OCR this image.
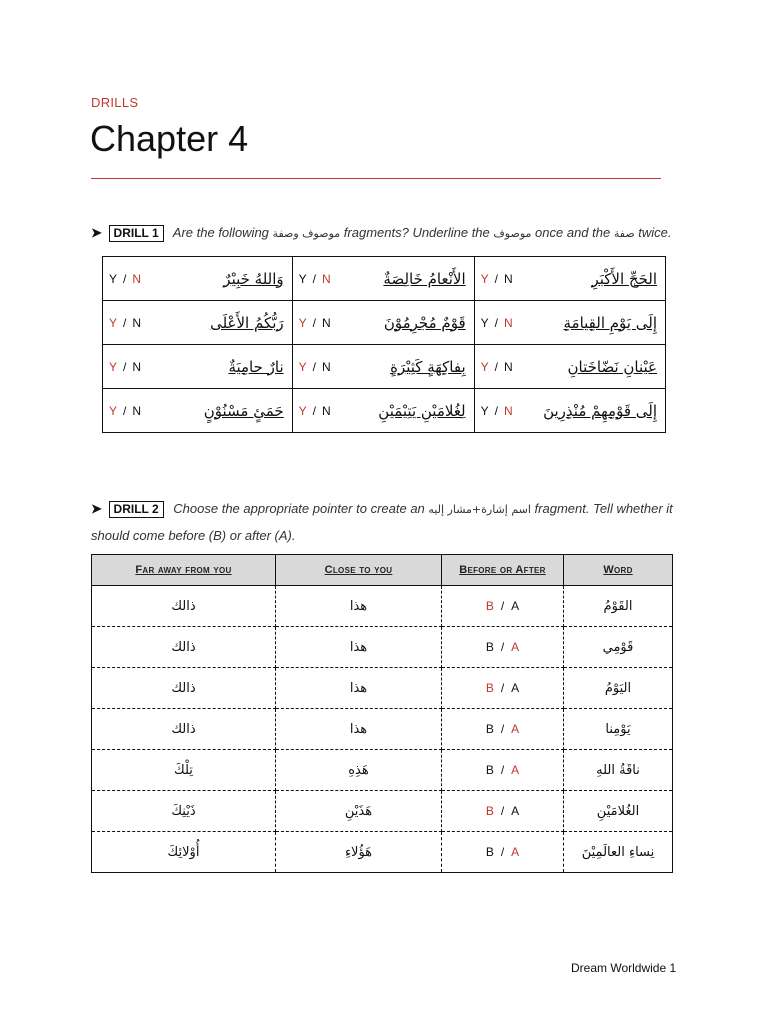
DRILLS
Chapter 4
➤ DRILL 1 Are the following موصوف وصفة fragments? Underline the موصوف once and the صفة twice.
Y / N وَاللهُ خَبِيْرٌ	Y / N الأَنْعامُ خَالِصَةٌ	Y / N الحَجِّ الأَكْبَرِ

Y / N رَبُّكُمُ الأَعْلَى	Y / N قَوْمٌ مُجْرِمُوْنَ	Y / N إِلَى يَوْمِ القِيامَةِ

Y / N نارٌ حامِيَةٌ	Y / N بِفاكِهَةٍ كَثِيْرَةٍ	Y / N عَيْنانِ نَضّاخَتانِ

Y / N حَمَئٍ مَسْنُوْنٍ	Y / N لِغُلامَيْنِ يَتِيْمَيْنِ	Y / N إِلَى قَوْمِهِمْ مُنْذِرِينَ
➤ DRILL 2 Choose the appropriate pointer to create an اسم إشارة+مشار إليه fragment. Tell whether it should come before (B) or after (A).
Far away from you	Close to you	Before or After	Word
ذالك	هذا	B / A	القَوْمُ
ذالك	هذا	B / A	قَوْمِي
ذالك	هذا	B / A	اليَوْمُ
ذالك	هذا	B / A	يَوْمِنا
تِلْكَ	هَذِهِ	B / A	ناقَةُ اللهِ
ذَيْنِكَ	هَذَيْنِ	B / A	الغُلامَيْنِ
أُوْلائِكَ	هَؤُلاءِ	B / A	نِساءِ العالَمِيْنَ
Dream Worldwide 1
